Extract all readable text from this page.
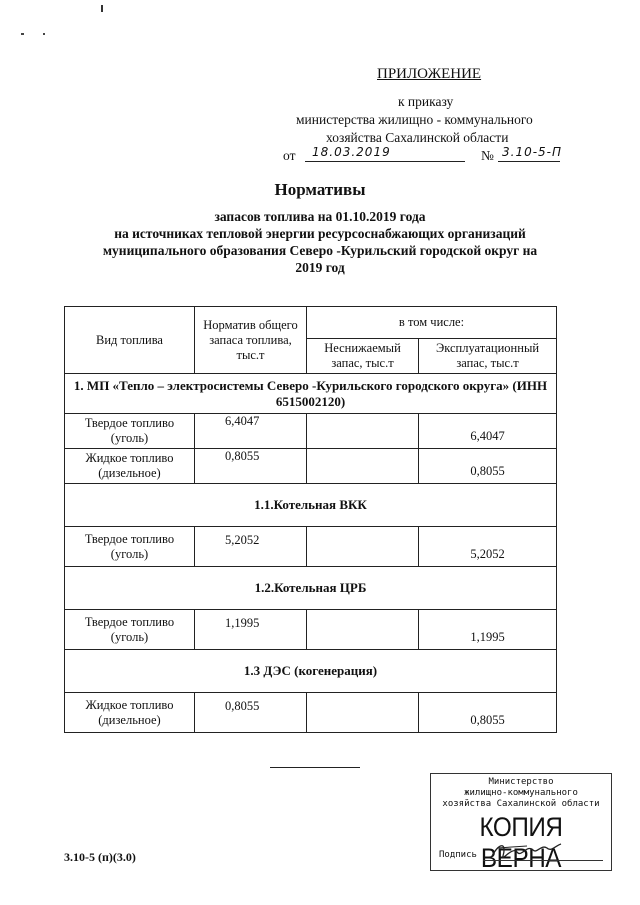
ПРИЛОЖЕНИЕ
к приказу
министерства жилищно - коммунального
хозяйства Сахалинской области
от 18.03.2019	№ 3.10-5-П
Нормативы
запасов топлива на 01.10.2019 года
на источниках тепловой энергии ресурсоснабжающих организаций
муниципального образования Северо -Курильский городской округ на
2019 год
Вид топлива	Норматив общего запаса топлива, тыс.т	в том числе:	
		Неснижаемый запас, тыс.т	Эксплуатационный запас, тыс.т
1. МП «Тепло – электросистемы Северо -Курильского городского округа» (ИНН 6515002120)			
Твердое топливо (уголь)	6,4047		6,4047
Жидкое топливо (дизельное)	0,8055		0,8055
1.1.Котельная ВКК			
Твердое топливо (уголь)	5,2052		5,2052
1.2.Котельная ЦРБ			
Твердое топливо (уголь)	1,1995		1,1995
1.3 ДЭС (когенерация)			
Жидкое топливо (дизельное)	0,8055		0,8055
3.10-5 (п)(3.0)
Министерство
жилищно-коммунального
хозяйства Сахалинской области
КОПИЯ ВЕРНА
Подпись
